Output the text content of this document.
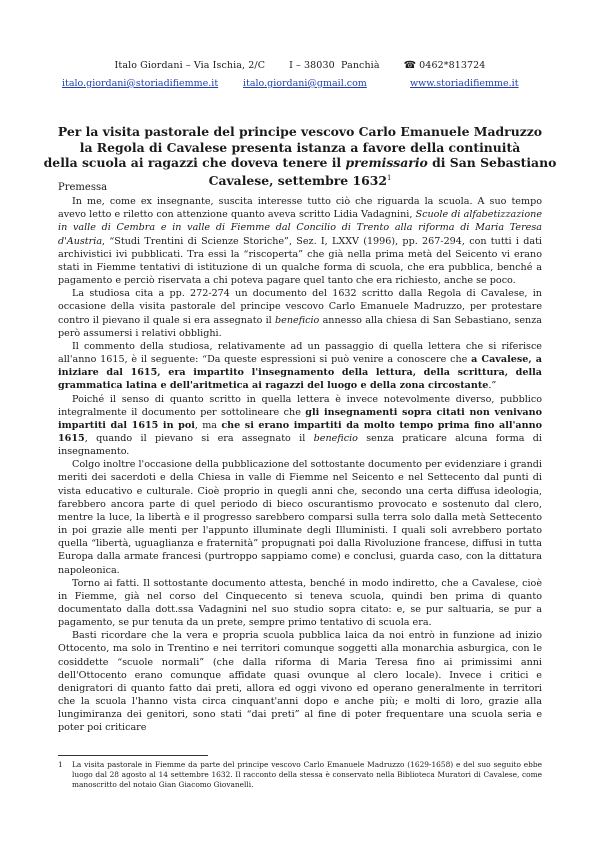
Italo Giordani – Via Ischia, 2/C	I – 38030 Panchià ☎ 0462*813724
italo.giordani@storiadifiemme.it	italo.giordani@gmail.com	www.storiadifiemme.it
Per la visita pastorale del principe vescovo Carlo Emanuele Madruzzo
la Regola di Cavalese presenta istanza a favore della continuità
della scuola ai ragazzi che doveva tenere il premissario di San Sebastiano
Cavalese, settembre 1632$^1$

Premessa

In me, come ex insegnante, suscita interesse tutto ciò che riguarda la scuola. A suo tempo avevo letto e riletto con attenzione quanto aveva scritto Lidia Vadagnini, Scuole di alfabetizzazione in valle di Cembra e in valle di Fiemme dal Concilio di Trento alla riforma di Maria Teresa d'Austria, “Studi Trentini di Scienze Storiche”, Sez. I, LXXV (1996), pp. 267-294, con tutti i dati archivistici ivi pubblicati. Tra essi la “riscoperta” che già nella prima metà del Seicento vi erano stati in Fiemme tentativi di istituzione di un qualche forma di scuola, che era pubblica, benché a pagamento e perciò riservata a chi poteva pagare quel tanto che era richiesto, anche se poco.

La studiosa cita a pp. 272-274 un documento del 1632 scritto dalla Regola di Cavalese, in occasione della visita pastorale del principe vescovo Carlo Emanuele Madruzzo, per protestare contro il pievano il quale si era assegnato il beneficio annesso alla chiesa di San Sebastiano, senza però assumersi i relativi obblighi.

Il commento della studiosa, relativamente ad un passaggio di quella lettera che si riferisce all'anno 1615, è il seguente: “Da queste espressioni si può venire a conoscere che a Cavalese, a iniziare dal 1615, era impartito l'insegnamento della lettura, della scrittura, della grammatica latina e dell'aritmetica ai ragazzi del luogo e della zona circostante.”

Poiché il senso di quanto scritto in quella lettera è invece notevolmente diverso, pubblico integralmente il documento per sottolineare che gli insegnamenti sopra citati non venivano impartiti dal 1615 in poi, ma che si erano impartiti da molto tempo prima fino all'anno 1615, quando il pievano si era assegnato il beneficio senza praticare alcuna forma di insegnamento.

Colgo inoltre l'occasione della pubblicazione del sottostante documento per evidenziare i grandi meriti dei sacerdoti e della Chiesa in valle di Fiemme nel Seicento e nel Settecento dal punti di vista educativo e culturale. Cioè proprio in quegli anni che, secondo una certa diffusa ideologia, farebbero ancora parte di quel periodo di bieco oscurantismo provocato e sostenuto dal clero, mentre la luce, la libertà e il progresso sarebbero comparsi sulla terra solo dalla metà Settecento in poi grazie alle menti per l'appunto illuminate degli Illuministi. I quali soli avrebbero portato quella “libertà, uguaglianza e fraternità” propugnati poi dalla Rivoluzione francese, diffusi in tutta Europa dalla armate francesi (purtroppo sappiamo come) e conclusi, guarda caso, con la dittatura napoleonica.

Torno ai fatti. Il sottostante documento attesta, benché in modo indiretto, che a Cavalese, cioè in Fiemme, già nel corso del Cinquecento si teneva scuola, quindi ben prima di quanto documentato dalla dott.ssa Vadagnini nel suo studio sopra citato: e, se pur saltuaria, se pur a pagamento, se pur tenuta da un prete, sempre primo tentativo di scuola era.

Basti ricordare che la vera e propria scuola pubblica laica da noi entrò in funzione ad inizio Ottocento, ma solo in Trentino e nei territori comunque soggetti alla monarchia asburgica, con le cosiddette “scuole normali” (che dalla riforma di Maria Teresa fino ai primissimi anni dell'Ottocento erano comunque affidate quasi ovunque al clero locale). Invece i critici e denigratori di quanto fatto dai preti, allora ed oggi vivono ed operano generalmente in territori che la scuola l'hanno vista circa cinquant'anni dopo e anche più; e molti di loro, grazie alla lungimiranza dei genitori, sono stati “dai preti” al fine di poter frequentare una scuola seria e poter poi criticare

1 La visita pastorale in Fiemme da parte del principe vescovo Carlo Emanuele Madruzzo (1629-1658) e del suo seguito ebbe luogo dal 28 agosto al 14 settembre 1632. Il racconto della stessa è conservato nella Biblioteca Muratori di Cavalese, come manoscritto del notaio Gian Giacomo Giovanelli.
